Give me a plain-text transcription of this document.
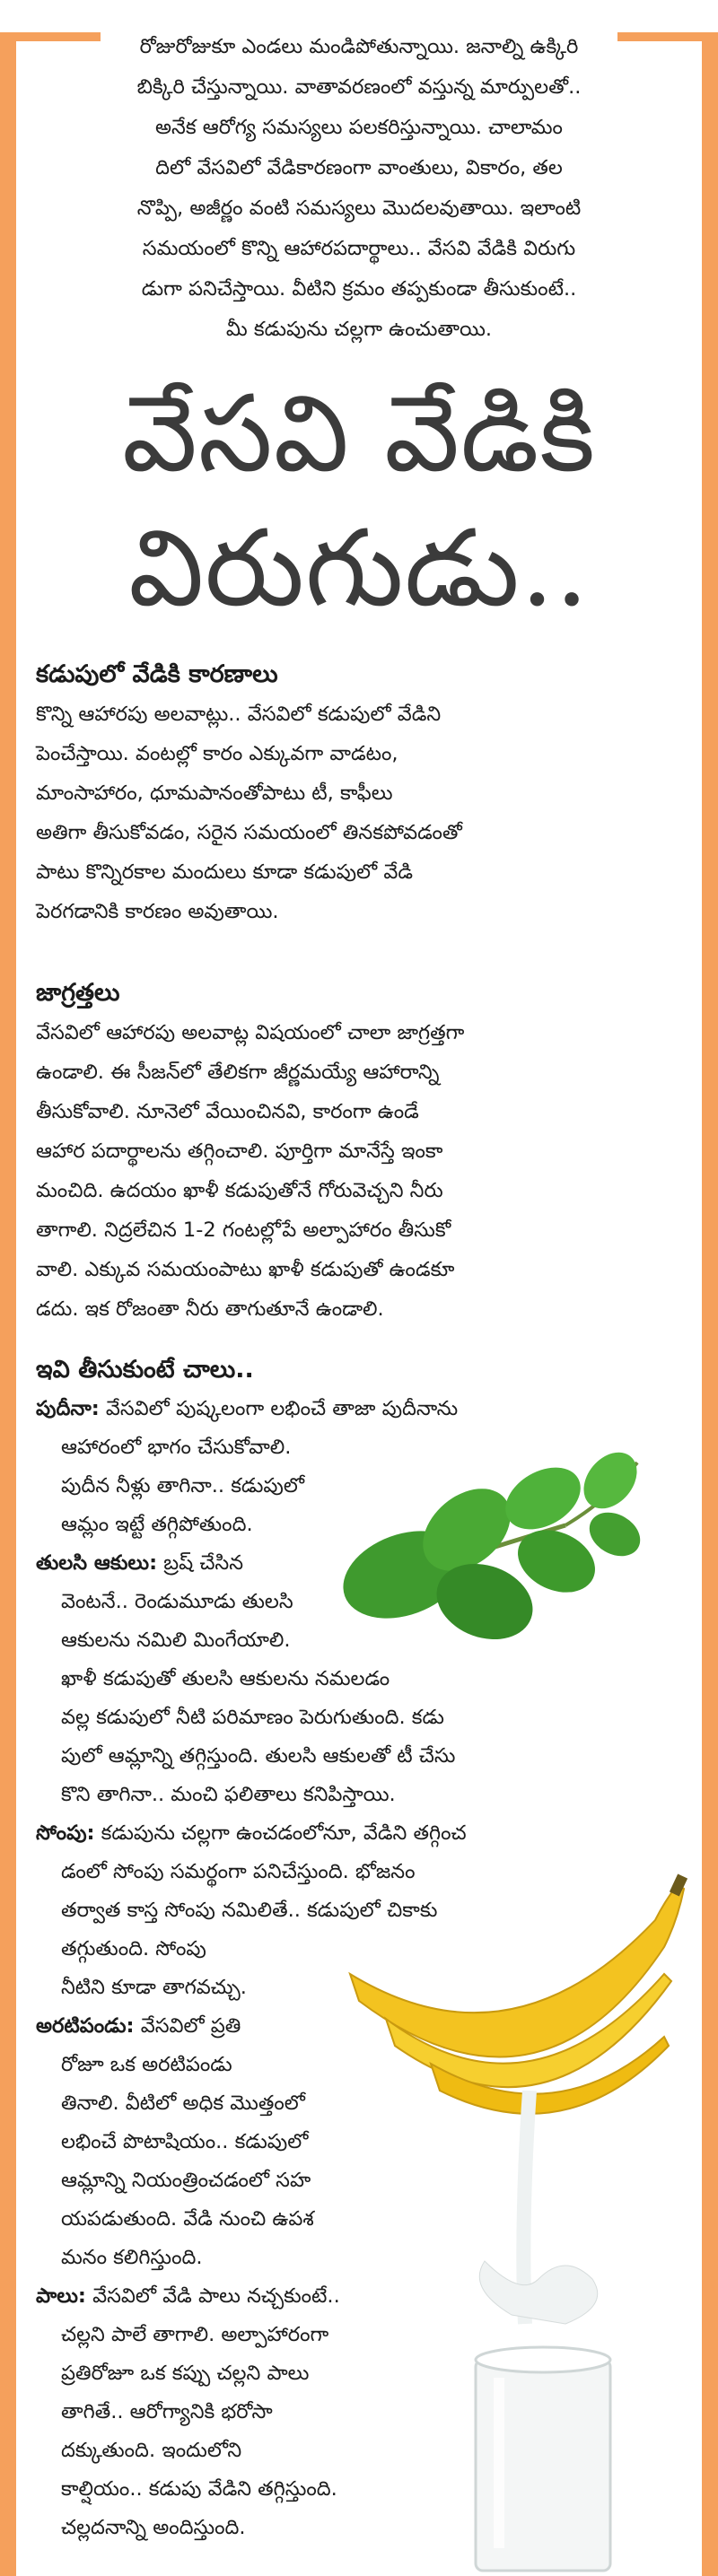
రోజురోజుకూ ఎండలు మండిపోతున్నాయి. జనాల్ని ఉక్కిరి
బిక్కిరి చేస్తున్నాయి. వాతావరణంలో వస్తున్న మార్పులతో..
అనేక ఆరోగ్య సమస్యలు పలకరిస్తున్నాయి. చాలామం
దిలో వేసవిలో వేడికారణంగా వాంతులు, వికారం, తల
నొప్పి, అజీర్ణం వంటి సమస్యలు మొదలవుతాయి. ఇలాంటి
సమయంలో కొన్ని ఆహారపదార్థాలు.. వేసవి వేడికి విరుగు
డుగా పనిచేస్తాయి. వీటిని క్రమం తప్పకుండా తీసుకుంటే..
మీ కడుపును చల్లగా ఉంచుతాయి.
వేసవి వేడికి
విరుగుడు..
కడుపులో వేడికి కారణాలు
కొన్ని ఆహారపు అలవాట్లు.. వేసవిలో కడుపులో వేడిని
పెంచేస్తాయి. వంటల్లో కారం ఎక్కువగా వాడటం,
మాంసాహారం, ధూమపానంతోపాటు టీ, కాఫీలు
అతిగా తీసుకోవడం, సరైన సమయంలో తినకపోవడంతో
పాటు కొన్నిరకాల మందులు కూడా కడుపులో వేడి
పెరగడానికి కారణం అవుతాయి.
జాగ్రత్తలు
వేసవిలో ఆహారపు అలవాట్ల విషయంలో చాలా జాగ్రత్తగా
ఉండాలి. ఈ సీజన్‌లో తేలికగా జీర్ణమయ్యే ఆహారాన్ని
తీసుకోవాలి. నూనెలో వేయించినవి, కారంగా ఉండే
ఆహార పదార్థాలను తగ్గించాలి. పూర్తిగా మానేస్తే ఇంకా
మంచిది. ఉదయం ఖాళీ కడుపుతోనే గోరువెచ్చని నీరు
తాగాలి. నిద్రలేచిన 1-2 గంటల్లోపే అల్పాహారం తీసుకో
వాలి. ఎక్కువ సమయంపాటు ఖాళీ కడుపుతో ఉండకూ
డదు. ఇక రోజంతా నీరు తాగుతూనే ఉండాలి.
ఇవి తీసుకుంటే చాలు..
పుదీనా: వేసవిలో పుష్కలంగా లభించే తాజా పుదీనాను
ఆహారంలో భాగం చేసుకోవాలి.
పుదీన నీళ్లు తాగినా.. కడుపులో
ఆమ్లం ఇట్టే తగ్గిపోతుంది.
తులసి ఆకులు: బ్రష్ చేసిన
వెంటనే.. రెండుమూడు తులసి
ఆకులను నమిలి మింగేయాలి.
ఖాళీ కడుపుతో తులసి ఆకులను నమలడం
వల్ల కడుపులో నీటి పరిమాణం పెరుగుతుంది. కడు
పులో ఆమ్లాన్ని తగ్గిస్తుంది. తులసి ఆకులతో టీ చేసు
కొని తాగినా.. మంచి ఫలితాలు కనిపిస్తాయి.
సోంపు: కడుపును చల్లగా ఉంచడంలోనూ, వేడిని తగ్గించ
డంలో సోంపు సమర్థంగా పనిచేస్తుంది. భోజనం
తర్వాత కాస్త సోంపు నమిలితే.. కడుపులో చికాకు
తగ్గుతుంది. సోంపు
నీటిని కూడా తాగవచ్చు.
అరటిపండు: వేసవిలో ప్రతి
రోజూ ఒక అరటిపండు
తినాలి. వీటిలో అధిక మొత్తంలో
లభించే పొటాషియం.. కడుపులో
ఆమ్లాన్ని నియంత్రించడంలో సహ
యపడుతుంది. వేడి నుంచి ఉపశ
మనం కలిగిస్తుంది.
పాలు: వేసవిలో వేడి పాలు నచ్చకుంటే..
చల్లని పాలే తాగాలి. అల్పాహారంగా
ప్రతిరోజూ ఒక కప్పు చల్లని పాలు
తాగితే.. ఆరోగ్యానికి భరోసా
దక్కుతుంది. ఇందులోని
కాల్షియం.. కడుపు వేడిని తగ్గిస్తుంది.
చల్లదనాన్ని అందిస్తుంది.
